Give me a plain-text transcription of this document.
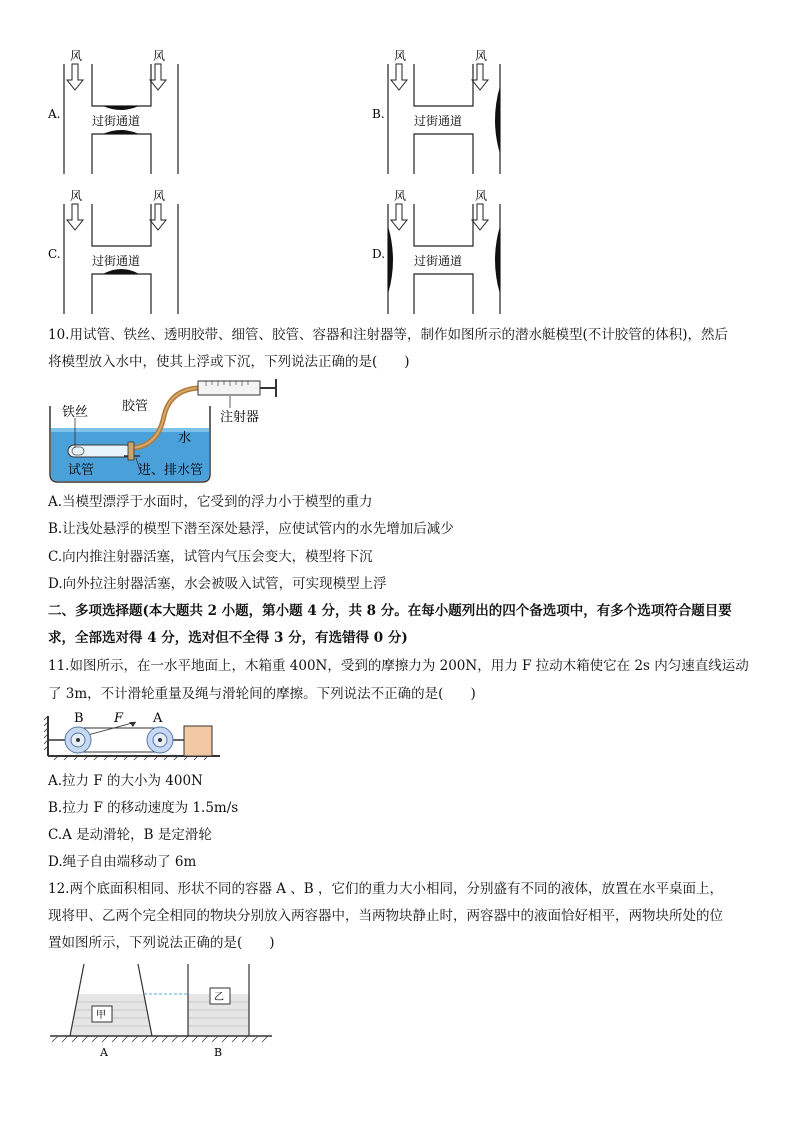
A.
风	风
过街通道	B.
风	风
过街通道
C.
风	风
过街通道	D.
风	风
过街通道
10.用试管、铁丝、透明胶带、细管、胶管、容器和注射器等，制作如图所示的潜水艇模型(不计胶管的体积)，然后
将模型放入水中，使其上浮或下沉，下列说法正确的是(　　)
胶管
注射器
铁丝
水
试管	进、排水管
A.当模型漂浮于水面时，它受到的浮力小于模型的重力
B.让浅处悬浮的模型下潜至深处悬浮，应使试管内的水先增加后减少
C.向内推注射器活塞，试管内气压会变大，模型将下沉
D.向外拉注射器活塞，水会被吸入试管，可实现模型上浮
二、多项选择题(本大题共 2 小题，第小题 4 分，共 8 分。在每小题列出的四个备选项中，有多个选项符合题目要
求，全部选对得 4 分，选对但不全得 3 分，有选错得 0 分)
11.如图所示，在一水平地面上，木箱重 400N，受到的摩擦力为 200N，用力 F 拉动木箱使它在 2s 内匀速直线运动
了 3m，不计滑轮重量及绳与滑轮间的摩擦。下列说法不正确的是(　　)
B F A
A.拉力 F 的大小为 400N
B.拉力 F 的移动速度为 1.5m/s
C.A 是动滑轮，B 是定滑轮
D.绳子自由端移动了 6m
12.两个底面积相同、形状不同的容器 A 、B ，它们的重力大小相同，分别盛有不同的液体，放置在水平桌面上，
现将甲、乙两个完全相同的物块分别放入两容器中，当两物块静止时，两容器中的液面恰好相平，两物块所处的位
置如图所示，下列说法正确的是(　　)
甲
乙
A	B
